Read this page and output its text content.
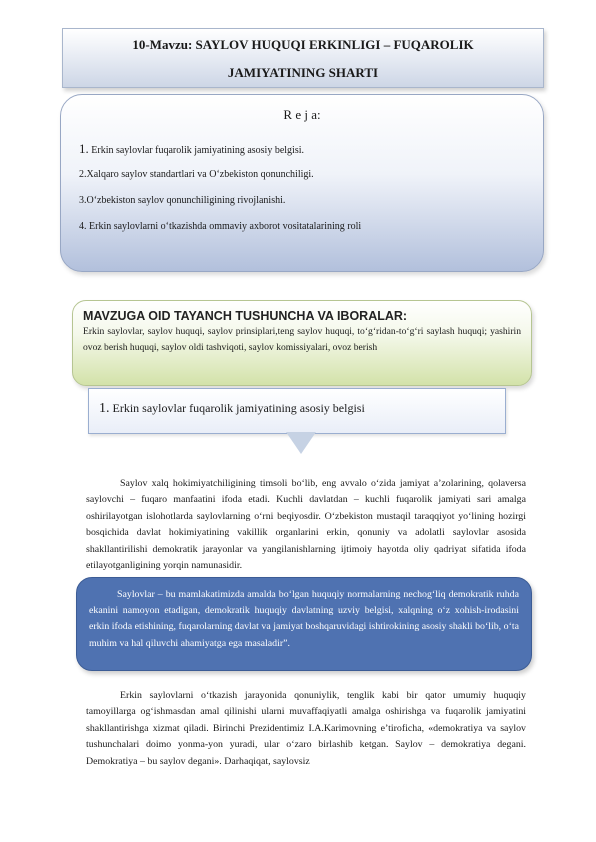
10-Mavzu: SAYLOV HUQUQI ERKINLIGI – FUQAROLIK
JAMIYATINING SHARTI
R e j a:
1. Erkin saylovlar fuqarolik jamiyatining asosiy belgisi.
2.Xalqaro saylov standartlari va O‘zbekiston qonunchiligi.
3.O‘zbekiston saylov qonunchiligining rivojlanishi.
4. Erkin saylovlarni o‘tkazishda ommaviy axborot vositatalarining roli
MAVZUGA OID TAYANCH TUSHUNCHA VA IBORALAR:
Erkin saylovlar, saylov huquqi, saylov prinsiplari,teng saylov huquqi, to‘g‘ridan-to‘g‘ri saylash huquqi; yashirin ovoz berish huquqi, saylov oldi tashviqoti, saylov komissiyalari, ovoz berish
1. Erkin saylovlar fuqarolik jamiyatining asosiy belgisi
Saylov xalq hokimiyatchiligining timsoli bo‘lib, eng avvalo o‘zida jamiyat a’zolarining, qolaversa saylovchi – fuqaro manfaatini ifoda etadi. Kuchli davlatdan – kuchli fuqarolik jamiyati sari amalga oshirilayotgan islohotlarda saylovlarning o‘rni beqiyosdir. O‘zbekiston mustaqil taraqqiyot yo‘lining hozirgi bosqichida davlat hokimiyatining vakillik organlarini erkin, qonuniy va adolatli saylovlar asosida shakllantirilishi demokratik jarayonlar va yangilanishlarning ijtimoiy hayotda oliy qadriyat sifatida ifoda etilayotganligining yorqin namunasidir.
Saylovlar – bu mamlakatimizda amalda bo‘lgan huquqiy normalarning nechog‘liq demokratik ruhda ekanini namoyon etadigan, demokratik huquqiy davlatning uzviy belgisi, xalqning o‘z xohish-irodasini erkin ifoda etishining, fuqarolarning davlat va jamiyat boshqaruvidagi ishtirokining asosiy shakli bo‘lib, o‘ta muhim va hal qiluvchi ahamiyatga ega masaladir”.
Erkin saylovlarni o‘tkazish jarayonida qonuniylik, tenglik kabi bir qator umumiy huquqiy tamoyillarga og‘ishmasdan amal qilinishi ularni muvaffaqiyatli amalga oshirishga va fuqarolik jamiyatini shakllantirishga xizmat qiladi. Birinchi Prezidentimiz I.A.Karimovning e’tiroficha, «demokratiya va saylov tushunchalari doimo yonma-yon yuradi, ular o‘zaro birlashib ketgan. Saylov – demokratiya degani. Demokratiya – bu saylov degani». Darhaqiqat, saylovsiz
